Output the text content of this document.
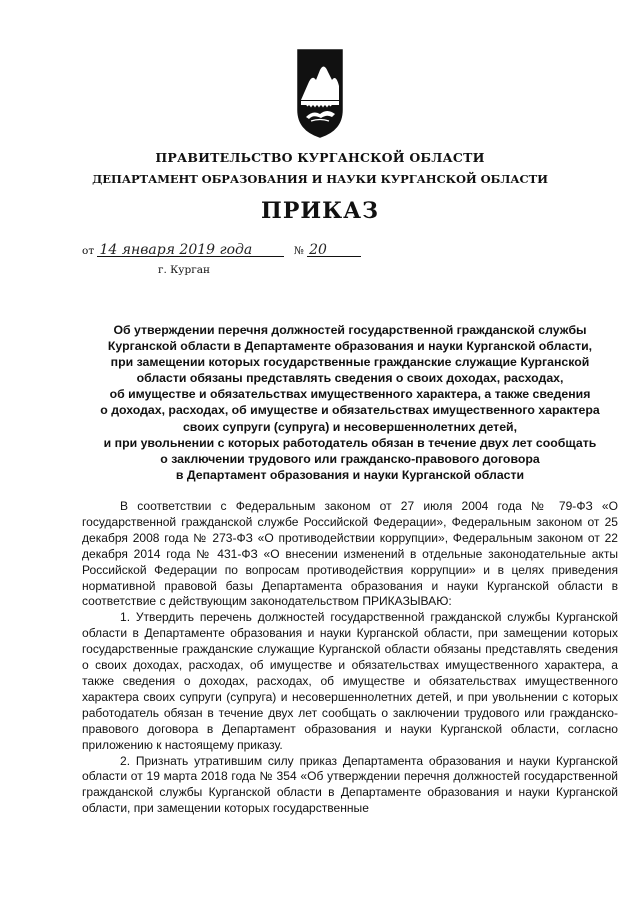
ПРАВИТЕЛЬСТВО КУРГАНСКОЙ ОБЛАСТИ
ДЕПАРТАМЕНТ ОБРАЗОВАНИЯ И НАУКИ КУРГАНСКОЙ ОБЛАСТИ
ПРИКАЗ
от 14 января 2019 года	№ 20
г. Курган
Об утверждении перечня должностей государственной гражданской службы
Курганской области в Департаменте образования и науки Курганской области,
при замещении которых государственные гражданские служащие Курганской
области обязаны представлять сведения о своих доходах, расходах,
об имуществе и обязательствах имущественного характера, а также сведения
о доходах, расходах, об имуществе и обязательствах имущественного характера
своих супруги (супруга) и несовершеннолетних детей,
и при увольнении с которых работодатель обязан в течение двух лет сообщать
о заключении трудового или гражданско-правового договора
в Департамент образования и науки Курганской области

В соответствии с Федеральным законом от 27 июля 2004 года № 79-ФЗ «О государственной гражданской службе Российской Федерации», Федеральным законом от 25 декабря 2008 года № 273-ФЗ «О противодействии коррупции», Федеральным законом от 22 декабря 2014 года № 431-ФЗ «О внесении изменений в отдельные законодательные акты Российской Федерации по вопросам противодействия коррупции» и в целях приведения нормативной правовой базы Департамента образования и науки Курганской области в соответствие с действующим законодательством ПРИКАЗЫВАЮ:

1. Утвердить перечень должностей государственной гражданской службы Курганской области в Департаменте образования и науки Курганской области, при замещении которых государственные гражданские служащие Курганской области обязаны представлять сведения о своих доходах, расходах, об имуществе и обязательствах имущественного характера, а также сведения о доходах, расходах, об имуществе и обязательствах имущественного характера своих супруги (супруга) и несовершеннолетних детей, и при увольнении с которых работодатель обязан в течение двух лет сообщать о заключении трудового или гражданско-правового договора в Департамент образования и науки Курганской области, согласно приложению к настоящему приказу.

2. Признать утратившим силу приказ Департамента образования и науки Курганской области от 19 марта 2018 года № 354 «Об утверждении перечня должностей государственной гражданской службы Курганской области в Департаменте образования и науки Курганской области, при замещении которых государственные
